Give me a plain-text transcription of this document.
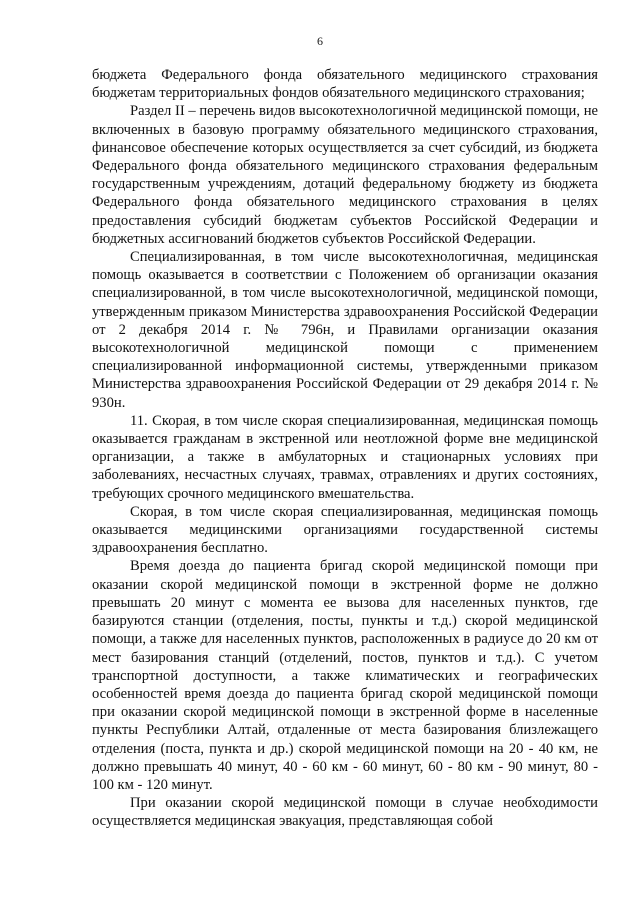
6

бюджета Федерального фонда обязательного медицинского страхования бюджетам территориальных фондов обязательного медицинского страхования;

Раздел II – перечень видов высокотехнологичной медицинской помощи, не включенных в базовую программу обязательного медицинского страхования, финансовое обеспечение которых осуществляется за счет субсидий, из бюджета Федерального фонда обязательного медицинского страхования федеральным государственным учреждениям, дотаций федеральному бюджету из бюджета Федерального фонда обязательного медицинского страхования в целях предоставления субсидий бюджетам субъектов Российской Федерации и бюджетных ассигнований бюджетов субъектов Российской Федерации.

Специализированная, в том числе высокотехнологичная, медицинская помощь оказывается в соответствии с Положением об организации оказания специализированной, в том числе высокотехнологичной, медицинской помощи, утвержденным приказом Министерства здравоохранения Российской Федерации от 2 декабря 2014 г. № 796н, и Правилами организации оказания высокотехнологичной медицинской помощи с применением специализированной информационной системы, утвержденными приказом Министерства здравоохранения Российской Федерации от 29 декабря 2014 г. № 930н.

11. Скорая, в том числе скорая специализированная, медицинская помощь оказывается гражданам в экстренной или неотложной форме вне медицинской организации, а также в амбулаторных и стационарных условиях при заболеваниях, несчастных случаях, травмах, отравлениях и других состояниях, требующих срочного медицинского вмешательства.

Скорая, в том числе скорая специализированная, медицинская помощь оказывается медицинскими организациями государственной системы здравоохранения бесплатно.

Время доезда до пациента бригад скорой медицинской помощи при оказании скорой медицинской помощи в экстренной форме не должно превышать 20 минут с момента ее вызова для населенных пунктов, где базируются станции (отделения, посты, пункты и т.д.) скорой медицинской помощи, а также для населенных пунктов, расположенных в радиусе до 20 км от мест базирования станций (отделений, постов, пунктов и т.д.). С учетом транспортной доступности, а также климатических и географических особенностей время доезда до пациента бригад скорой медицинской помощи при оказании скорой медицинской помощи в экстренной форме в населенные пункты Республики Алтай, отдаленные от места базирования близлежащего отделения (поста, пункта и др.) скорой медицинской помощи на 20 - 40 км, не должно превышать 40 минут, 40 - 60 км - 60 минут, 60 - 80 км - 90 минут, 80 - 100 км - 120 минут.

При оказании скорой медицинской помощи в случае необходимости осуществляется медицинская эвакуация, представляющая собой
